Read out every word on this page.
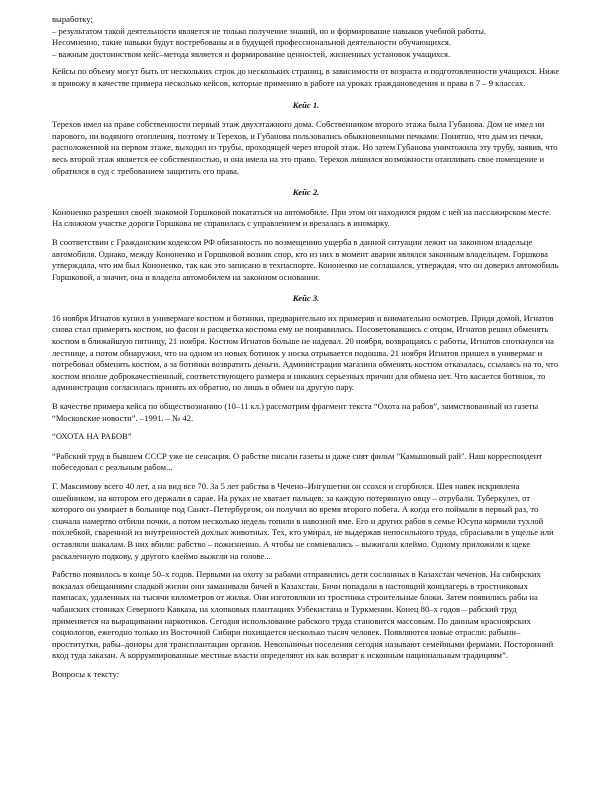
выработку;
– результатом такой деятельности является не только получение знаний, но и формирование навыков учебной работы.
Несомненно, такие навыки будут востребованы и в будущей профессиональной деятельности обучающихся.
– важным достоинством кейс–метода является и формирование ценностей, жизненных установок учащихся.

Кейсы по объему могут быть от нескольких строк до нескольких страниц, в зависимости от возраста и подготовленности учащихся. Ниже я привожу в качестве примера несколько кейсов, которые применяю в работе на уроках граждановедения и права в 7 – 9 классах.

Кейс 1.

Терехов имел на праве собственности первый этаж двухэтажного дома. Собственником второго этажа была Губанова. Дом не имел ни парового, ни водяного отопления, поэтому и Терехов, и Губанова пользовались обыкновенными печками. Понятно, что дым из печки, расположенной на первом этаже, выходил из трубы, проходящей через второй этаж. Но затем Губанова уничтожила эту трубу, заявив, что весь второй этаж является ее собственностью, и она имела на это право. Терехов лишился возможности отапливать свое помещение и обратился в суд с требованием защитить его права.

Кейс 2.

Кононенко разрешил своей знакомой Горшковой покататься на автомобиле. При этом он находился рядом с ней на пассажирском месте. На сложном участке дороги Горшкова не справилась с управлением и врезалась в иномарку.

В соответствии с Гражданским кодексом РФ обязанность по возмещению ущерба в данной ситуации лежит на законном владельце автомобиля. Однако, между Кононенко и Горшковой возник спор, кто из них в момент аварии являлся законным владельцем. Горшкова утверждала, что им был Кононенко, так как это записано в техпаспорте. Кононенко не соглашался, утверждая, что он доверил автомобиль Горшковой, а значит, она и владела автомобилем на законном основании.

Кейс 3.

16 ноября Игнатов купил в универмаге костюм и ботинки, предварительно их примерив и внимательно осмотрев. Придя домой, Игнатов снова стал примерять костюм, но фасон и расцветка костюма ему не понравились. Посоветовавшись с отцом, Игнатов решил обменять костюм в ближайшую пятницу, 21 ноября. Костюм Игнатов больше не надевал. 20 ноября, возвращаясь с работы, Игнатов споткнулся на лестнице, а потом обнаружил, что на одном из новых ботинок у носка отрывается подошва. 21 ноября Игнатов пришел в универмаг и потребовал обменять костюм, а за ботинки возвратить деньги. Администрация магазина обменять костюм отказалась, ссылаясь на то, что костюм вполне доброкачественный, соответствующего размера и никаких серьезных причин для обмена нет. Что касается ботинок, то администрация согласилась принять их обратно, но лишь в обмен на другую пару.

В качестве примера кейса по обществознанию (10–11 кл.) рассмотрим фрагмент текста “Охота на рабов”, заимствованный из газеты “Московские новости”. –1991. – № 42.

“ОХОТА НА РАБОВ”

“Рабский труд в бывшем СССР уже не сенсация. О рабстве писали газеты и даже снят фильм "Камышовый рай". Наш корреспондент побеседовал с реальным рабом...

Г. Максимову всего 40 лет, а на вид все 70. За 5 лет рабства в Чечено–Ингушетии он ссохся и сгорбился. Шея навек искривлена ошейником, на котором его держали в сарае. На руках не хватает пальцев: за каждую потерянную овцу – отрубали. Туберкулез, от которого он умирает в больнице под Санкт–Петербургом, он получил во время второго побега. А когда его поймали в первый раз, то сначала намертво отбили почки, а потом несколько недель топили в навозной яме. Его и других рабов в семье Юсупа кормили тухлой похлебкой, сваренной из внутренностей дохлых животных. Тех, кто умирал, не выдержав непосильного труда, сбрасывали в ущелье или оставляли шакалам. В них вбили: рабство – пожизненно. А чтобы не сомневались – выжигали клеймо. Одному приложили к щеке раскаленную подкову, у другого клеймо выжгли на голове...

Рабство появилось в конце 50–х годов. Первыми на охоту за рабами отправились дети сосланных в Казахстан чеченов. На сибирских вокзалах обещаниями сладкой жизни они заманивали бичей в Казахстан. Бичи попадали в настоящий концлагерь в тростниковых пампасах, удаленных на тысячи километров от жилья. Они изготовляли из тростника строительные блоки. Затем появились рабы на чабанских стоянках Северного Кавказа, на хлопковых плантациях Узбекистана и Туркмении. Конец 80–х годов – рабский труд применяется на выращивании наркотиков. Сегодня использование рабского труда становится массовым. По данным красноярских социологов, ежегодно только из Восточной Сибири похищается несколько тысяч человек. Появляются новые отрасли: рабыни–проститутки, рабы–доноры для трансплантации органов. Невольничьи поселения сегодня называют семейными фермами. Посторонний вход туда заказан. А коррумпированные местные власти определяют их как возврат к исконным национальным традициям”.

Вопросы к тексту:
